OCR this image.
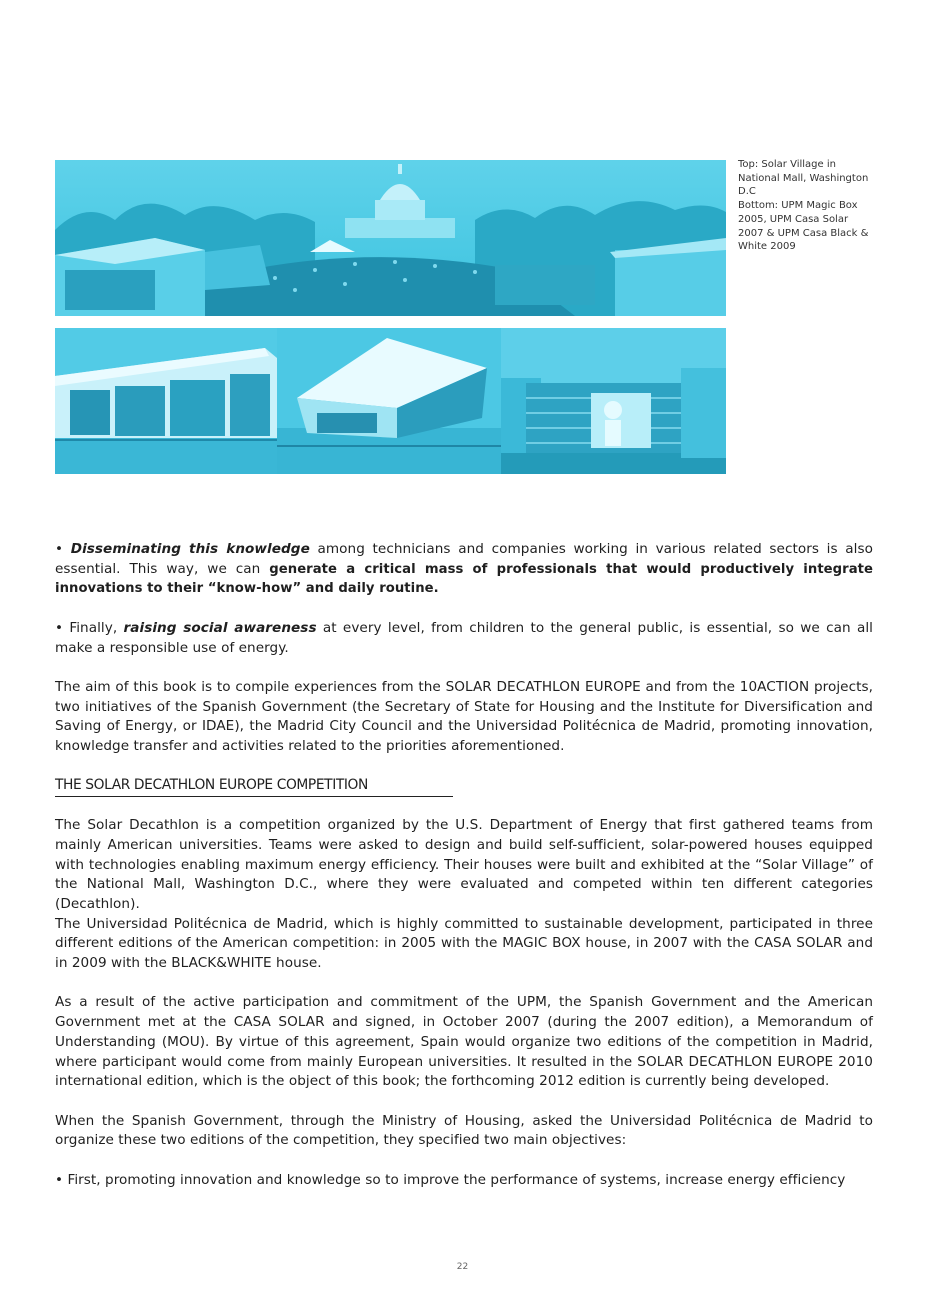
Top: Solar Village in
National Mall, Washington
D.C
Bottom: UPM Magic Box
2005, UPM Casa Solar
2007 & UPM Casa Black &
White 2009

• Disseminating this knowledge among technicians and companies working in various related sectors is also essential. This way, we can generate a critical mass of professionals that would productively integrate innovations to their “know-how” and daily routine.

• Finally, raising social awareness at every level, from children to the general public, is essential, so we can all make a responsible use of energy.

The aim of this book is to compile experiences from the SOLAR DECATHLON EUROPE and from the 10ACTION projects, two initiatives of the Spanish Government (the Secretary of State for Housing and the Institute for Diversification and Saving of Energy, or IDAE), the Madrid City Council and the Universidad Politécnica de Madrid, promoting innovation, knowledge transfer and activities related to the priorities aforementioned.

THE SOLAR DECATHLON EUROPE COMPETITION

The Solar Decathlon is a competition organized by the U.S. Department of Energy that first gathered teams from mainly American universities. Teams were asked to design and build self-sufficient, solar-powered houses equipped with technologies enabling maximum energy efficiency. Their houses were built and exhibited at the “Solar Village” of the National Mall, Washington D.C., where they were evaluated and competed within ten different categories (Decathlon).

The Universidad Politécnica de Madrid, which is highly committed to sustainable development, participated in three different editions of the American competition: in 2005 with the MAGIC BOX house, in 2007 with the CASA SOLAR and in 2009 with the BLACK&WHITE house.

As a result of the active participation and commitment of the UPM, the Spanish Government and the American Government met at the CASA SOLAR and signed, in October 2007 (during the 2007 edition), a Memorandum of Understanding (MOU). By virtue of this agreement, Spain would organize two editions of the competition in Madrid, where participant would come from mainly European universities. It resulted in the SOLAR DECATHLON EUROPE 2010 international edition, which is the object of this book; the forthcoming 2012 edition is currently being developed.

When the Spanish Government, through the Ministry of Housing, asked the Universidad Politécnica de Madrid to organize these two editions of the competition, they specified two main objectives:

• First, promoting innovation and knowledge so to improve the performance of systems, increase energy efficiency

22
